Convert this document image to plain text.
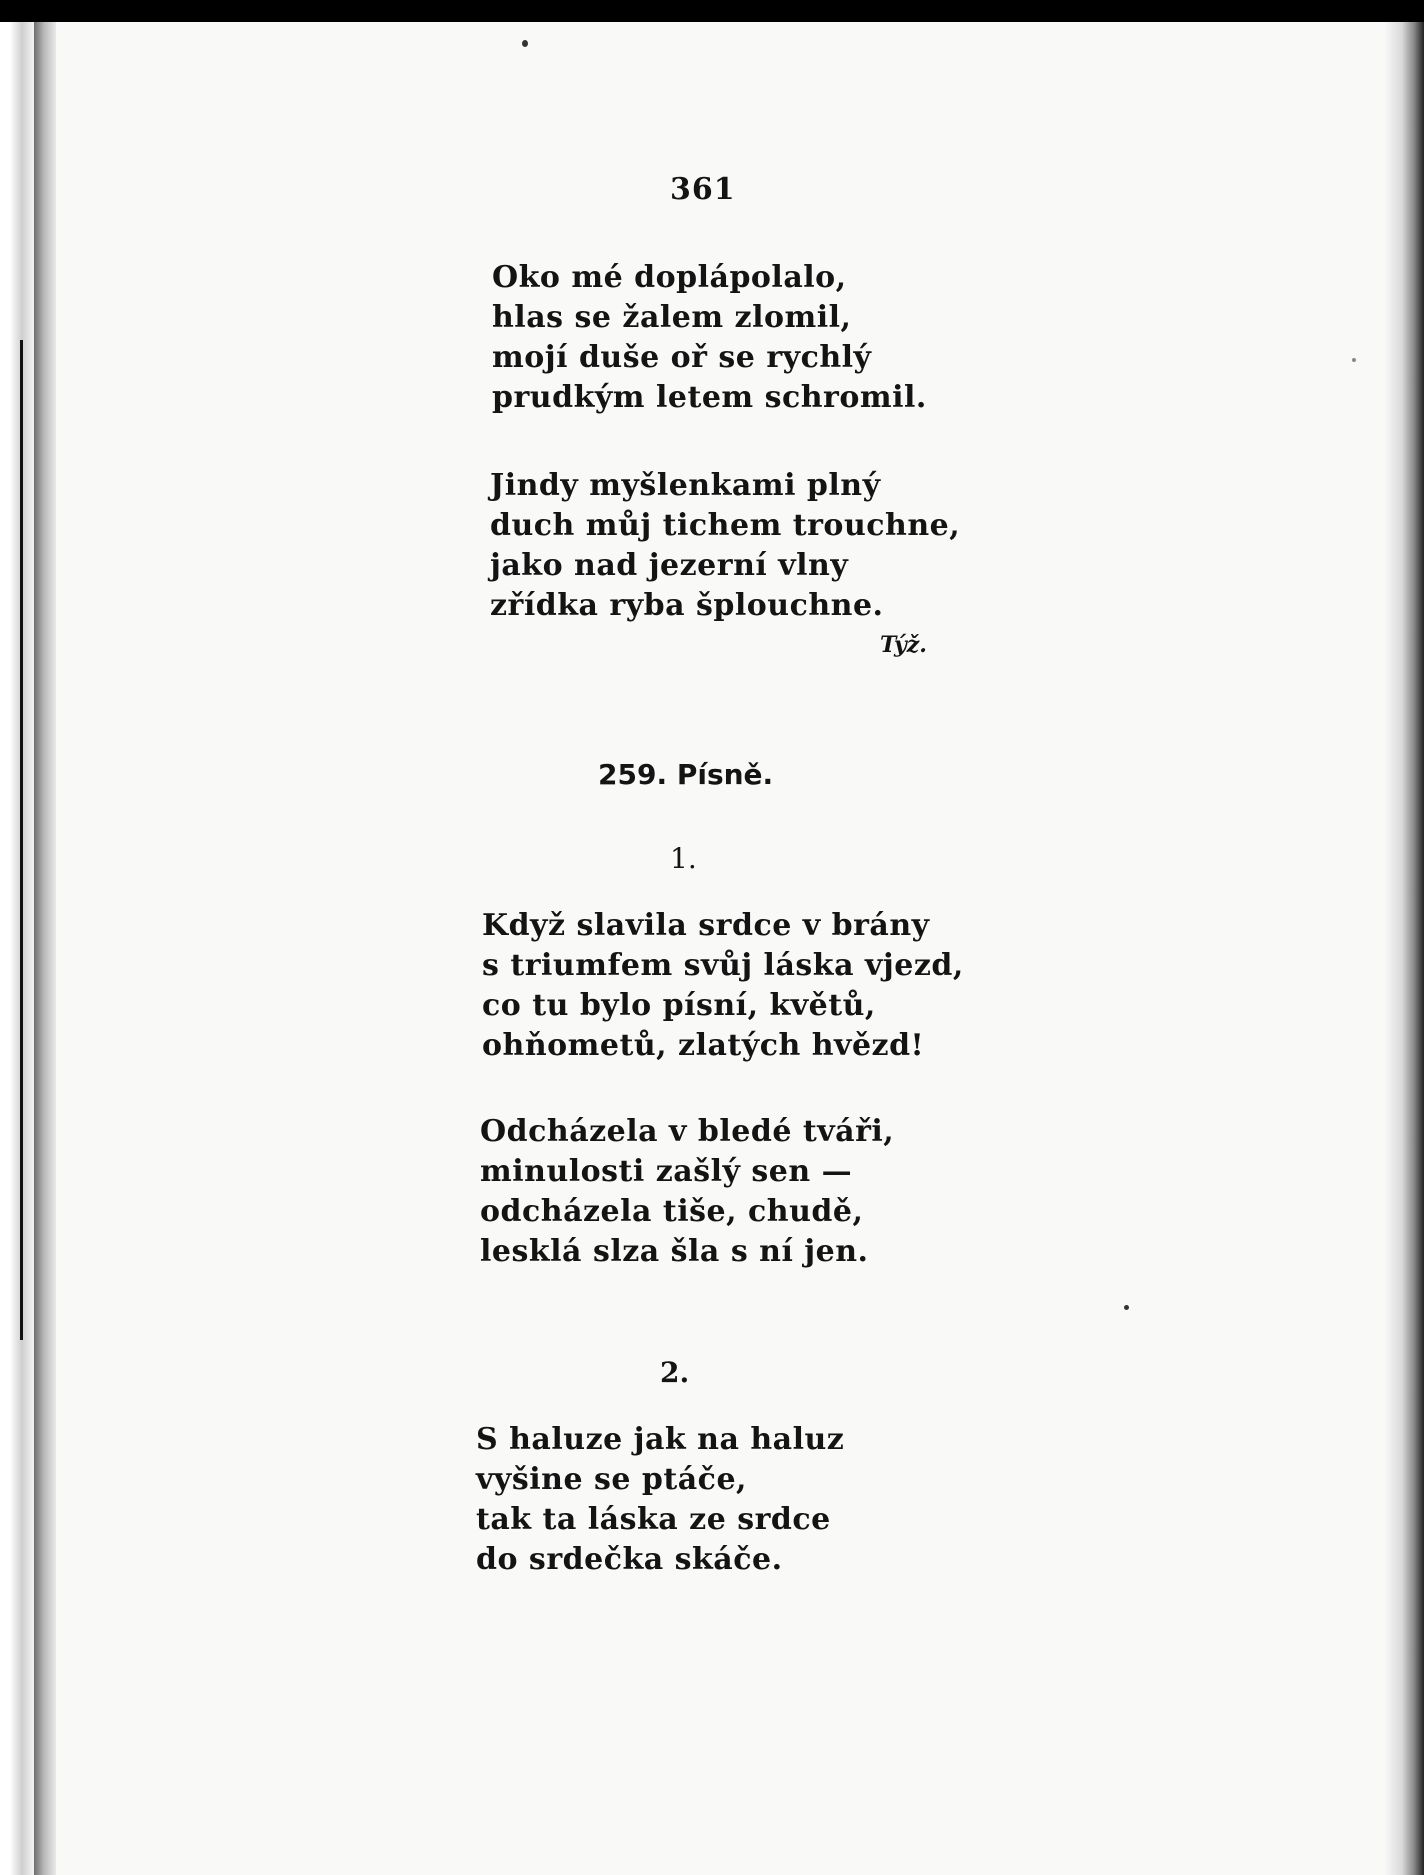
361
Oko mé doplápolalo,
hlas se žalem zlomil,
mojí duše oř se rychlý
prudkým letem schromil.
Jindy myšlenkami plný
duch můj tichem trouchne,
jako nad jezerní vlny
zřídka ryba šplouchne.
Týž.
259. Písně.
1.
Když slavila srdce v brány
s triumfem svůj láska vjezd,
co tu bylo písní, květů,
ohňometů, zlatých hvězd!
Odcházela v bledé tváři,
minulosti zašlý sen —
odcházela tiše, chudě,
lesklá slza šla s ní jen.
2.
S haluze jak na haluz
vyšine se ptáče,
tak ta láska ze srdce
do srdečka skáče.
